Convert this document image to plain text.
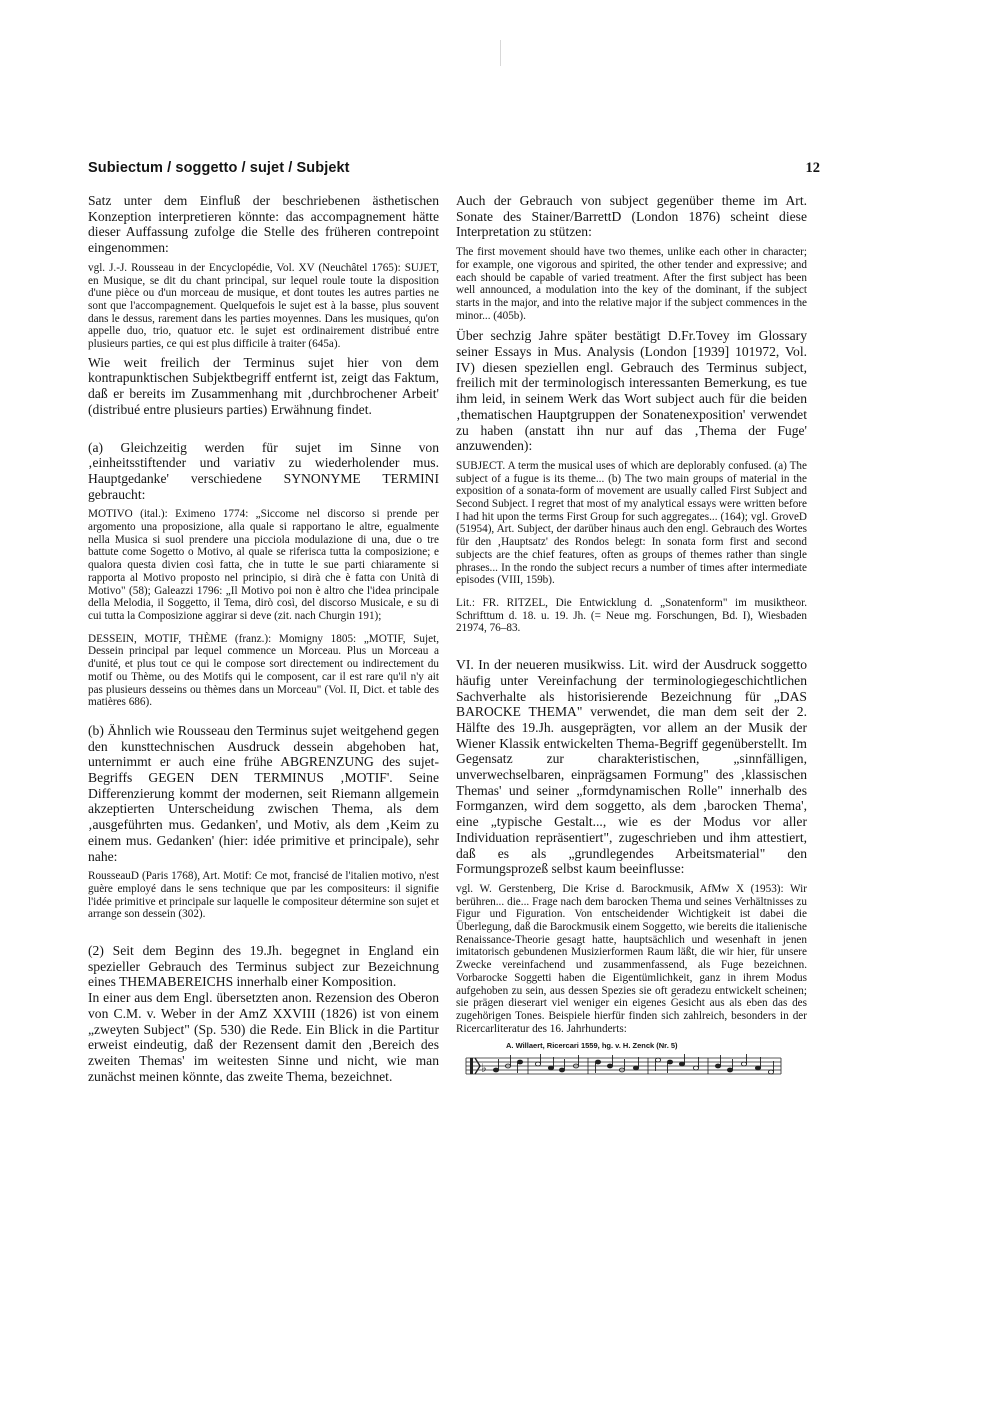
Subiectum / soggetto / sujet / Subjekt	12

Satz unter dem Einfluß der beschriebenen ästhetischen Konzeption interpretieren könnte: das accompagnement hätte dieser Auffassung zufolge die Stelle des früheren contrepoint eingenommen:

vgl. J.-J. Rousseau in der Encyclopédie, Vol. XV (Neuchâtel 1765): SUJET, en Musique, se dit du chant principal, sur lequel roule toute la disposition d'une pièce ou d'un morceau de musique, et dont toutes les autres parties ne sont que l'accompagnement. Quelquefois le sujet est à la basse, plus souvent dans le dessus, rarement dans les parties moyennes. Dans les musiques, qu'on appelle duo, trio, quatuor etc. le sujet est ordinairement distribué entre plusieurs parties, ce qui est plus difficile à traiter (645a).

Wie weit freilich der Terminus sujet hier von dem kontrapunktischen Subjektbegriff entfernt ist, zeigt das Faktum, daß er bereits im Zusammenhang mit ‚durchbrochener Arbeit' (distribué entre plusieurs parties) Erwähnung findet.

(a) Gleichzeitig werden für sujet im Sinne von ‚einheitsstiftender und variativ zu wiederholender mus. Hauptgedanke' verschiedene SYNONYME TERMINI gebraucht:

MOTIVO (ital.): Eximeno 1774: „Siccome nel discorso si prende per argomento una proposizione, alla quale si rapportano le altre, egualmente nella Musica si suol prendere una picciola modulazione di una, due o tre battute come Sogetto o Motivo, al quale se riferisca tutta la composizione; e qualora questa divien così fatta, che in tutte le sue parti chiaramente si rapporta al Motivo proposto nel principio, si dirà che è fatta con Unità di Motivo" (58); Galeazzi 1796: „Il Motivo poi non è altro che l'idea principale della Melodia, il Soggetto, il Tema, dirò così, del discorso Musicale, e su di cui tutta la Composizione aggirar si deve (zit. nach Churgin 191);

DESSEIN, MOTIF, THÈME (franz.): Momigny 1805: „MOTIF, Sujet, Dessein principal par lequel commence un Morceau. Plus un Morceau a d'unité, et plus tout ce qui le compose sort directement ou indirectement du motif ou Thème, ou des Motifs qui le composent, car il est rare qu'il n'y ait pas plusieurs desseins ou thèmes dans un Morceau" (Vol. II, Dict. et table des matières 686).

(b) Ähnlich wie Rousseau den Terminus sujet weitgehend gegen den kunsttechnischen Ausdruck dessein abgehoben hat, unternimmt er auch eine frühe ABGRENZUNG des sujet-Begriffs GEGEN DEN TERMINUS ‚MOTIF'. Seine Differenzierung kommt der modernen, seit Riemann allgemein akzeptierten Unterscheidung zwischen Thema, als dem ‚ausgeführten mus. Gedanken', und Motiv, als dem ‚Keim zu einem mus. Gedanken' (hier: idée primitive et principale), sehr nahe:

RousseauD (Paris 1768), Art. Motif: Ce mot, francisé de l'italien motivo, n'est guère employé dans le sens technique que par les compositeurs: il signifie l'idée primitive et principale sur laquelle le compositeur détermine son sujet et arrange son dessein (302).

(2) Seit dem Beginn des 19.Jh. begegnet in England ein spezieller Gebrauch des Terminus subject zur Bezeichnung eines THEMABEREICHS innerhalb einer Komposition.

In einer aus dem Engl. übersetzten anon. Rezension des Oberon von C.M. v. Weber in der AmZ XXVIII (1826) ist von einem „zweyten Subject" (Sp. 530) die Rede. Ein Blick in die Partitur erweist eindeutig, daß der Rezensent damit den ‚Bereich des zweiten Themas' im weitesten Sinne und nicht, wie man zunächst meinen könnte, das zweite Thema, bezeichnet.

Auch der Gebrauch von subject gegenüber theme im Art. Sonate des Stainer/BarrettD (London 1876) scheint diese Interpretation zu stützen:

The first movement should have two themes, unlike each other in character; for example, one vigorous and spirited, the other tender and expressive; and each should be capable of varied treatment. After the first subject has been well announced, a modulation into the key of the dominant, if the subject starts in the major, and into the relative major if the subject commences in the minor... (405b).

Über sechzig Jahre später bestätigt D.Fr.Tovey im Glossary seiner Essays in Mus. Analysis (London [1939] 101972, Vol. IV) diesen speziellen engl. Gebrauch des Terminus subject, freilich mit der terminologisch interessanten Bemerkung, es tue ihm leid, in seinem Werk das Wort subject auch für die beiden ‚thematischen Hauptgruppen der Sonatenexposition' verwendet zu haben (anstatt ihn nur auf das ‚Thema der Fuge' anzuwenden):

SUBJECT. A term the musical uses of which are deplorably confused. (a) The subject of a fugue is its theme... (b) The two main groups of material in the exposition of a sonata-form of movement are usually called First Subject and Second Subject. I regret that most of my analytical essays were written before I had hit upon the terms First Group for such aggregates... (164); vgl. GroveD (51954), Art. Subject, der darüber hinaus auch den engl. Gebrauch des Wortes für den ‚Hauptsatz' des Rondos belegt: In sonata form first and second subjects are the chief features, often as groups of themes rather than single phrases... In the rondo the subject recurs a number of times after intermediate episodes (VIII, 159b).

Lit.: FR. RITZEL, Die Entwicklung d. „Sonatenform" im musiktheor. Schrifttum d. 18. u. 19. Jh. (= Neue mg. Forschungen, Bd. I), Wiesbaden 21974, 76–83.

VI. In der neueren musikwiss. Lit. wird der Ausdruck soggetto häufig unter Vereinfachung der terminologiegeschichtlichen Sachverhalte als historisierende Bezeichnung für „DAS BAROCKE THEMA" verwendet, die man dem seit der 2. Hälfte des 19.Jh. ausgeprägten, vor allem an der Musik der Wiener Klassik entwickelten Thema-Begriff gegenüberstellt. Im Gegensatz zur charakteristischen, „sinnfälligen, unverwechselbaren, einprägsamen Formung" des ‚klassischen Themas' und seiner „formdynamischen Rolle" innerhalb des Formganzen, wird dem soggetto, als dem ‚barocken Thema', eine „typische Gestalt..., wie es der Modus vor aller Individuation repräsentiert", zugeschrieben und ihm attestiert, daß es als „grundlegendes Arbeitsmaterial" den Formungsprozeß selbst kaum beeinflusse:

vgl. W. Gerstenberg, Die Krise d. Barockmusik, AfMw X (1953): Wir berühren... die... Frage nach dem barocken Thema und seines Verhältnisses zu Figur und Figuration. Von entscheidender Wichtigkeit ist dabei die Überlegung, daß die Barockmusik einem Soggetto, wie bereits die italienische Renaissance-Theorie gesagt hatte, hauptsächlich und wesenhaft in jenen imitatorisch gebundenen Musizierformen Raum läßt, die wir hier, für unsere Zwecke vereinfachend und zusammenfassend, als Fuge bezeichnen. Vorbarocke Soggetti haben die Eigentümlichkeit, ganz in ihrem Modus aufgehoben zu sein, aus dessen Spezies sie oft geradezu entwickelt scheinen; sie prägen dieserart viel weniger ein eigenes Gesicht aus als eben das des zugehörigen Tones. Beispiele hierfür finden sich zahlreich, besonders in der Ricercarliteratur des 16. Jahrhunderts:

A. Willaert, Ricercari 1559, hg. v. H. Zenck (Nr. 5)
♭
